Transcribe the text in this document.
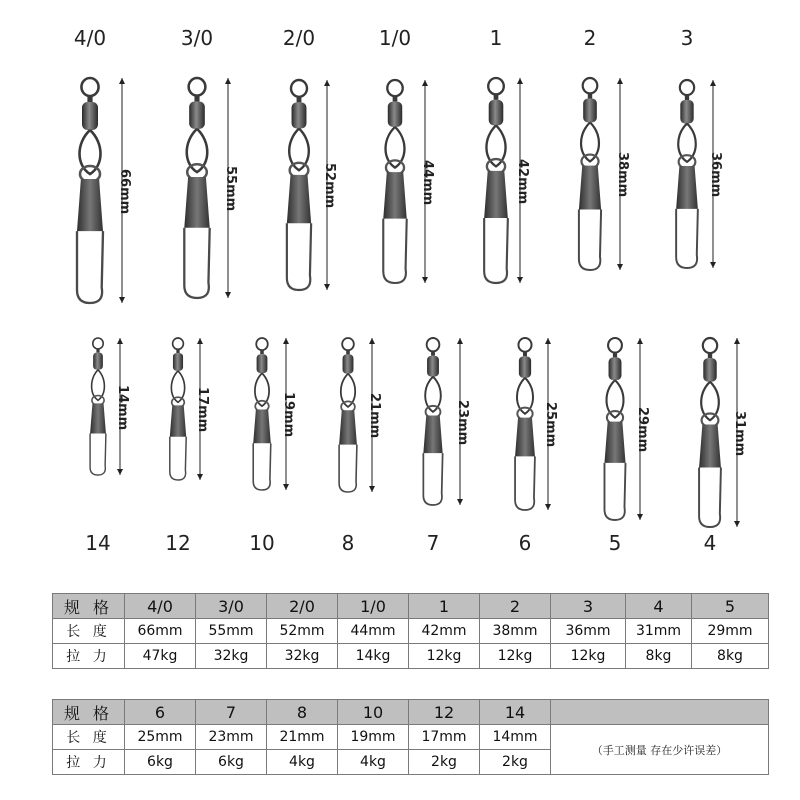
4/0
66mm
3/0
55mm
2/0
52mm
1/0
44mm
1
42mm
2
38mm
3
36mm
14
14mm
12
17mm
10
19mm
8
21mm
7
23mm
6
25mm
5
29mm
4
31mm
规 格	4/0	3/0	2/0	1/0	1	2	3	4	5
长 度	66mm	55mm	52mm	44mm	42mm	38mm	36mm	31mm	29mm
拉 力	47kg	32kg	32kg	14kg	12kg	12kg	12kg	8kg	8kg
规 格	6	7	8	10	12	14	
长 度	25mm	23mm	21mm	19mm	17mm	14mm	（手工测量 存在少许误差）
拉 力	6kg	6kg	4kg	4kg	2kg	2kg	
